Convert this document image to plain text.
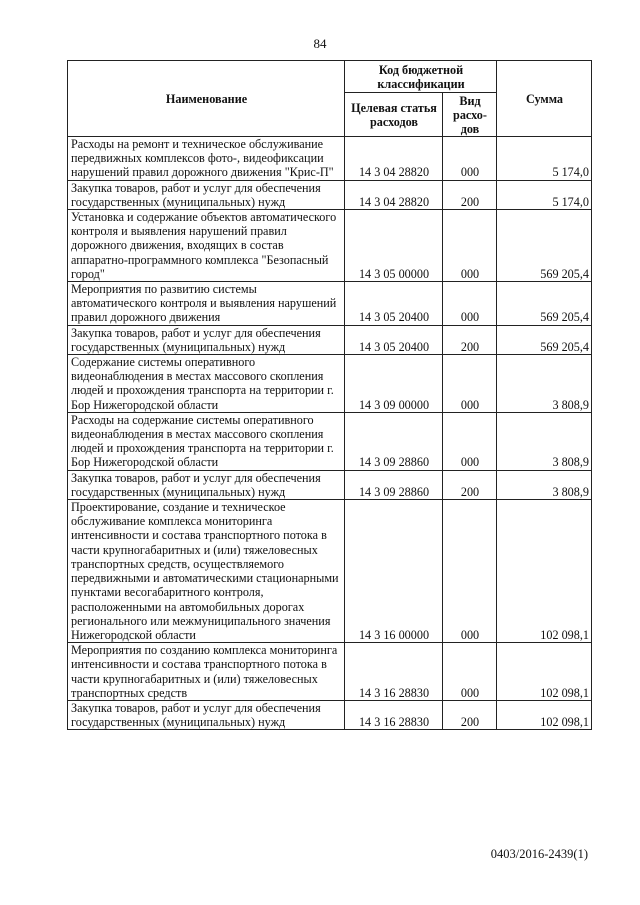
84
Наименование	Код бюджетной классификации		Сумма
	Целевая статья расходов	Вид расхо-дов	
Расходы на ремонт и техническое обслуживание передвижных комплексов фото-, видеофиксации нарушений правил дорожного движения "Крис-П"	14 3 04 28820	000	5 174,0
Закупка товаров, работ и услуг для обеспечения государственных (муниципальных) нужд	14 3 04 28820	200	5 174,0
Установка и содержание объектов автоматического контроля и выявления нарушений правил дорожного движения, входящих в состав аппаратно-программного комплекса "Безопасный город"	14 3 05 00000	000	569 205,4
Мероприятия по развитию системы автоматического контроля и выявления нарушений правил дорожного движения	14 3 05 20400	000	569 205,4
Закупка товаров, работ и услуг для обеспечения государственных (муниципальных) нужд	14 3 05 20400	200	569 205,4
Содержание системы оперативного видеонаблюдения в местах массового скопления людей и прохождения транспорта на территории г. Бор Нижегородской области	14 3 09 00000	000	3 808,9
Расходы на содержание системы оперативного видеонаблюдения в местах массового скопления людей и прохождения транспорта на территории г. Бор Нижегородской области	14 3 09 28860	000	3 808,9
Закупка товаров, работ и услуг для обеспечения государственных (муниципальных) нужд	14 3 09 28860	200	3 808,9
Проектирование, создание и техническое обслуживание комплекса мониторинга интенсивности и состава транспортного потока в части крупногабаритных и (или) тяжеловесных транспортных средств, осуществляемого передвижными и автоматическими стационарными пунктами весогабаритного контроля, расположенными на автомобильных дорогах регионального или межмуниципального значения Нижегородской области	14 3 16 00000	000	102 098,1
Мероприятия по созданию комплекса мониторинга интенсивности и состава транспортного потока в части крупногабаритных и (или) тяжеловесных транспортных средств	14 3 16 28830	000	102 098,1
Закупка товаров, работ и услуг для обеспечения государственных (муниципальных) нужд	14 3 16 28830	200	102 098,1
0403/2016-2439(1)
